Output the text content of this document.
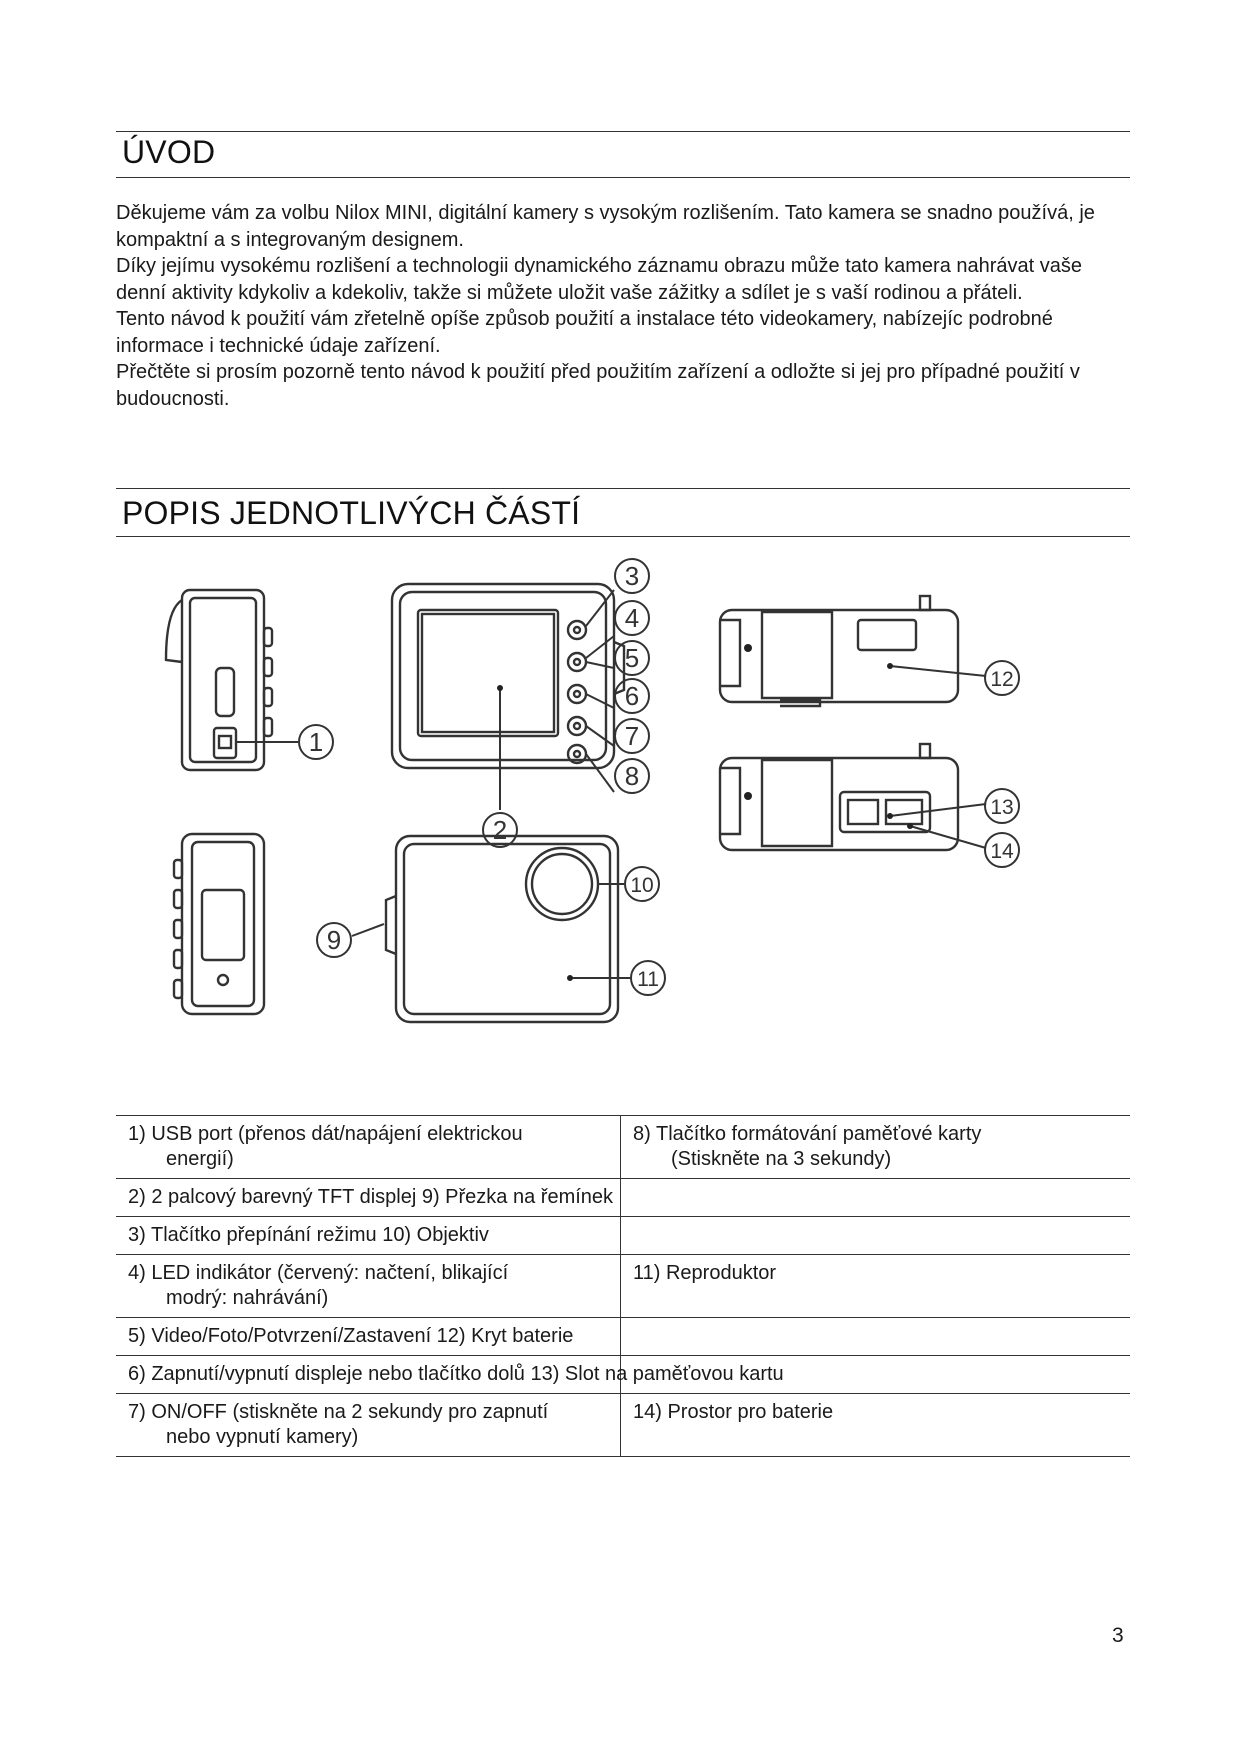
ÚVOD

Děkujeme vám za volbu Nilox MINI, digitální kamery s vysokým rozlišením. Tato kamera se snadno používá, je kompaktní a s integrovaným designem.

Díky jejímu vysokému rozlišení a technologii dynamického záznamu obrazu může tato kamera nahrávat vaše denní aktivity kdykoliv a kdekoliv, takže si můžete uložit vaše zážitky a sdílet je s vaší rodinou a přáteli.

Tento návod k použití vám zřetelně opíše způsob použití a instalace této videokamery, nabízejíc podrobné informace i technické údaje zařízení.

Přečtěte si prosím pozorně tento návod k použití před použitím zařízení a odložte si jej pro případné použití v budoucnosti.

POPIS JEDNOTLIVÝCH ČÁSTÍ
1
2
3
4
5
6
7
8
9
10
11
12
13
14
1) USB port (přenos dát/napájení elektrickou
energií)	8) Tlačítko formátování paměťové karty
(Stiskněte na 3 sekundy)

2) 2 palcový barevný TFT displej 9) Přezka na řemínek	
3) Tlačítko přepínání režimu 10) Objektiv	
4) LED indikátor (červený: načtení, blikající
modrý: nahrávání)	11) Reproduktor

5) Video/Foto/Potvrzení/Zastavení 12) Kryt baterie	

6) Zapnutí/vypnutí displeje nebo tlačítko dolů 13) Slot na paměťovou kartu	
7) ON/OFF (stiskněte na 2 sekundy pro zapnutí
nebo vypnutí kamery)	14) Prostor pro baterie
3
